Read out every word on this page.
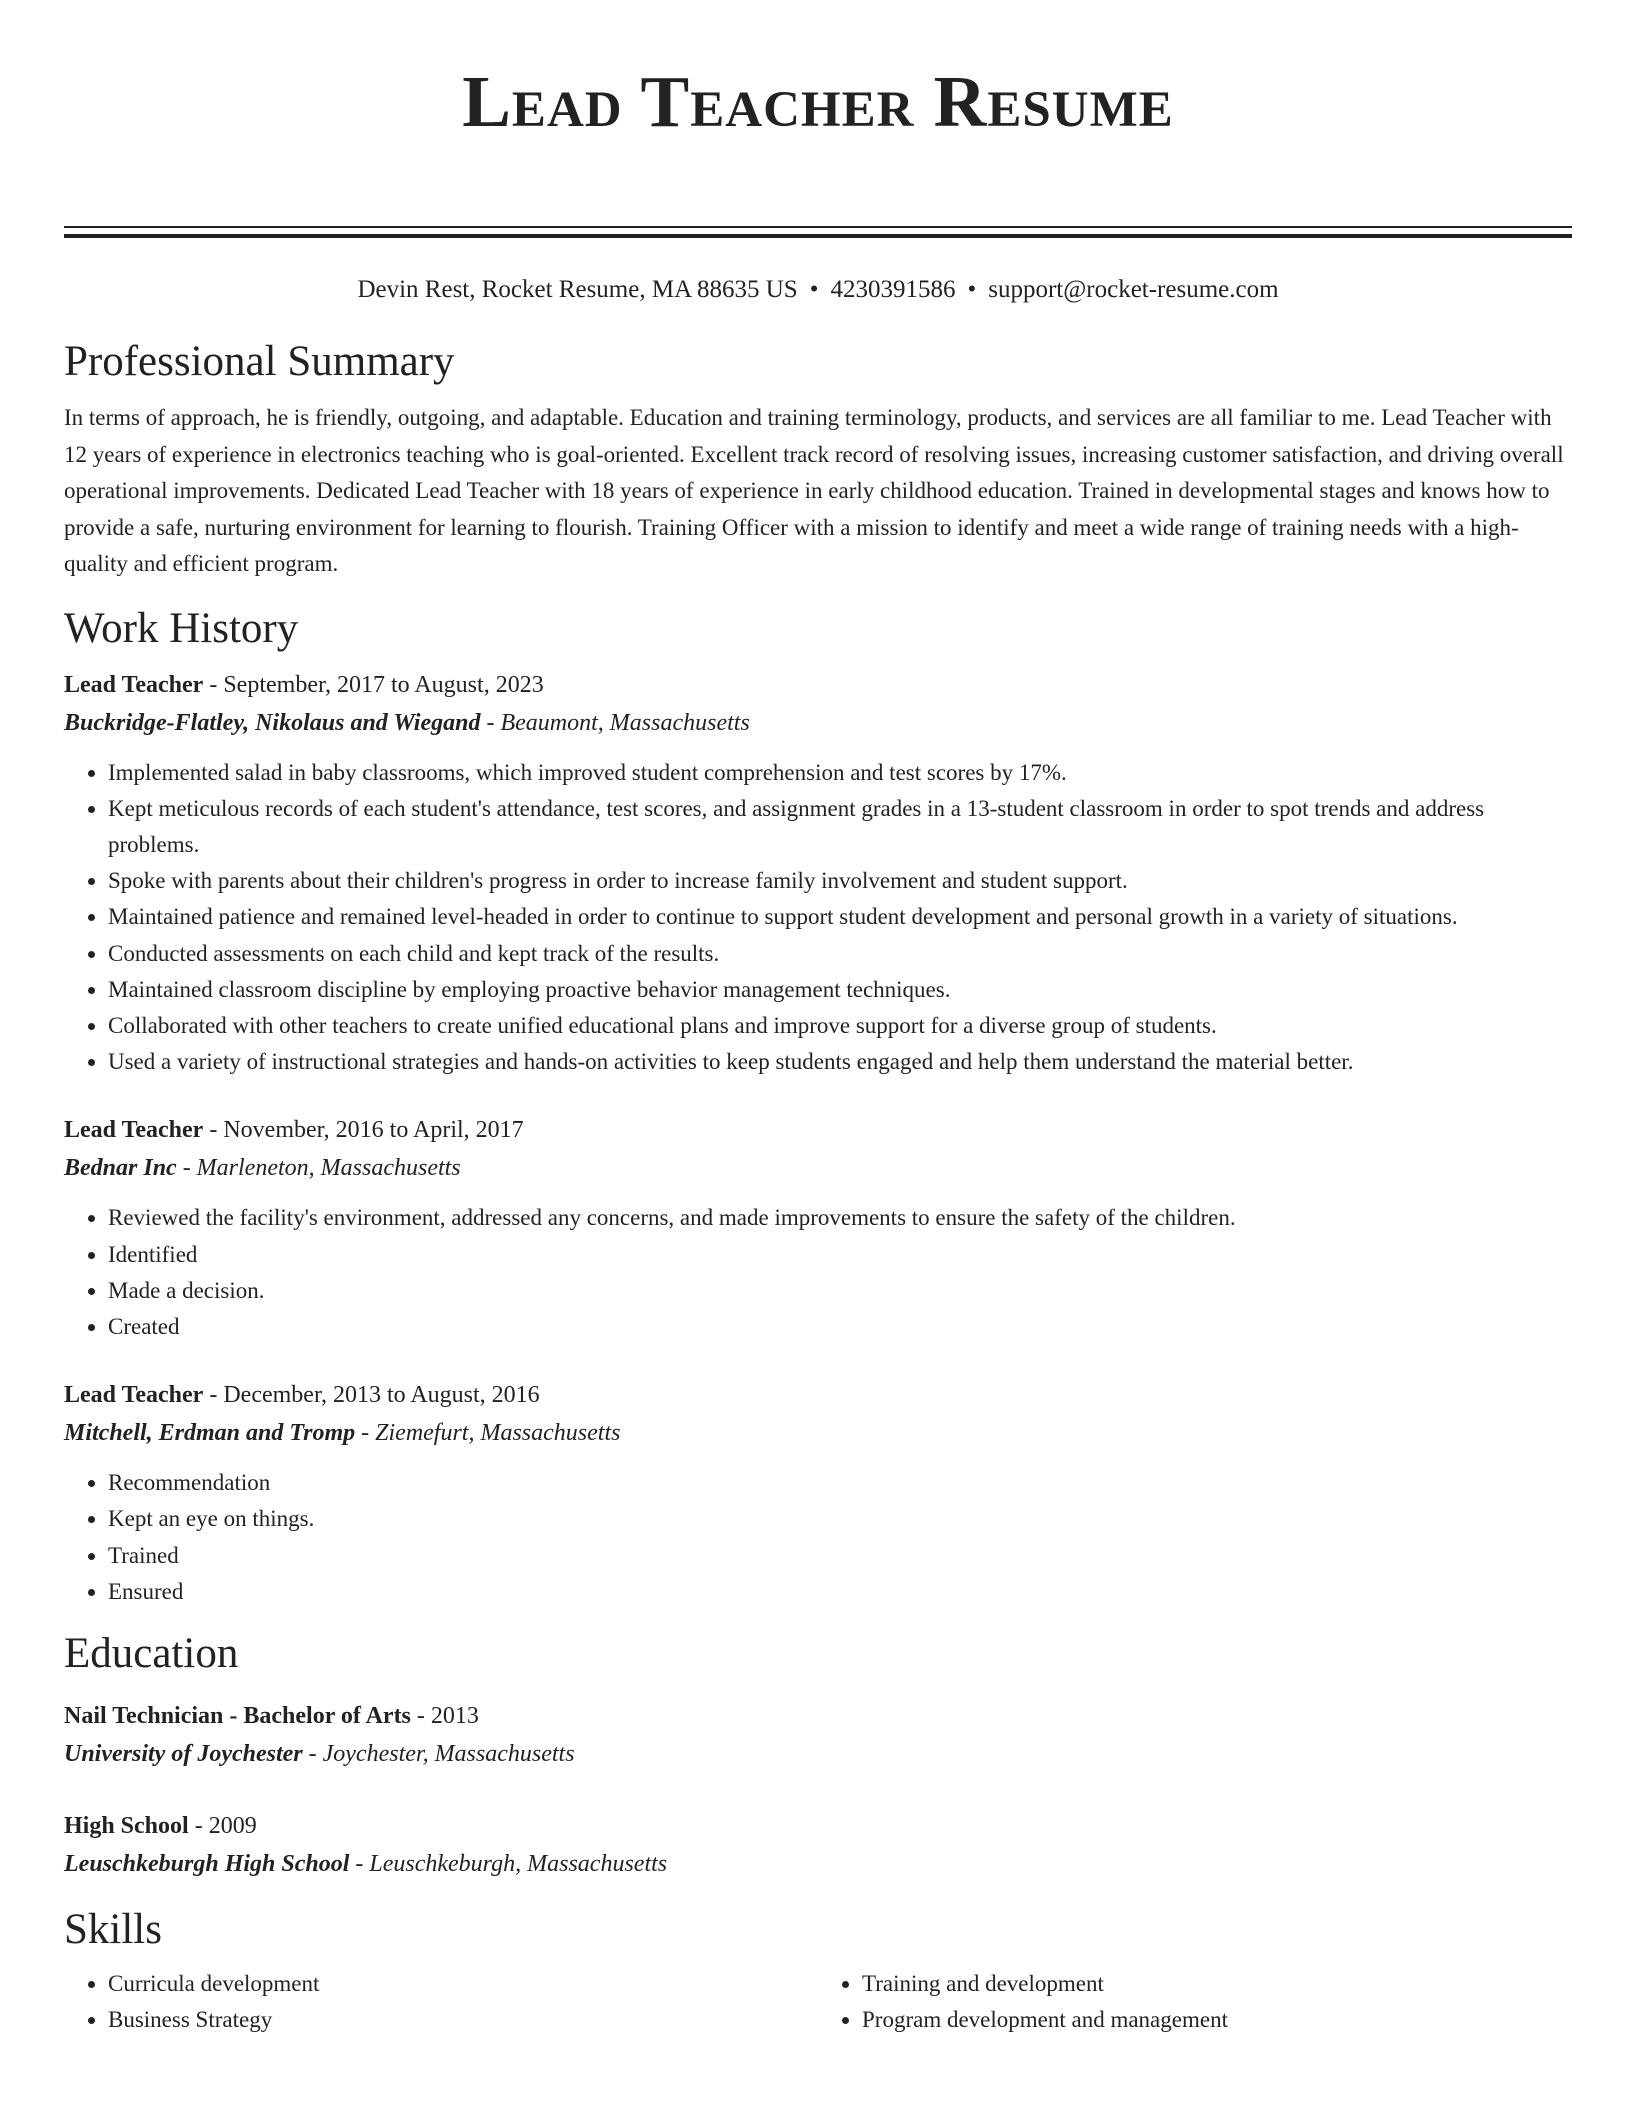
Lead Teacher Resume
Devin Rest, Rocket Resume, MA 88635 US • 4230391586 • support@rocket-resume.com
Professional Summary

In terms of approach, he is friendly, outgoing, and adaptable. Education and training terminology, products, and services are all familiar to me. Lead Teacher with 12 years of experience in electronics teaching who is goal-oriented. Excellent track record of resolving issues, increasing customer satisfaction, and driving overall operational improvements. Dedicated Lead Teacher with 18 years of experience in early childhood education. Trained in developmental stages and knows how to provide a safe, nurturing environment for learning to flourish. Training Officer with a mission to identify and meet a wide range of training needs with a high-quality and efficient program.

Work History
Lead Teacher - September, 2017 to August, 2023
Buckridge-Flatley, Nikolaus and Wiegand - Beaumont, Massachusetts
• Implemented salad in baby classrooms, which improved student comprehension and test scores by 17%.
• Kept meticulous records of each student's attendance, test scores, and assignment grades in a 13-student classroom in order to spot trends and address problems.
• Spoke with parents about their children's progress in order to increase family involvement and student support.
• Maintained patience and remained level-headed in order to continue to support student development and personal growth in a variety of situations.
• Conducted assessments on each child and kept track of the results.
• Maintained classroom discipline by employing proactive behavior management techniques.
• Collaborated with other teachers to create unified educational plans and improve support for a diverse group of students.
• Used a variety of instructional strategies and hands-on activities to keep students engaged and help them understand the material better.
Lead Teacher - November, 2016 to April, 2017
Bednar Inc - Marleneton, Massachusetts
• Reviewed the facility's environment, addressed any concerns, and made improvements to ensure the safety of the children.
• Identified
• Made a decision.
• Created
Lead Teacher - December, 2013 to August, 2016
Mitchell, Erdman and Tromp - Ziemefurt, Massachusetts
• Recommendation
• Kept an eye on things.
• Trained
• Ensured
Education
Nail Technician - Bachelor of Arts - 2013
University of Joychester - Joychester, Massachusetts
High School - 2009
Leuschkeburgh High School - Leuschkeburgh, Massachusetts
Skills
• Curricula development
• Business Strategy
• Training and development
• Program development and management
